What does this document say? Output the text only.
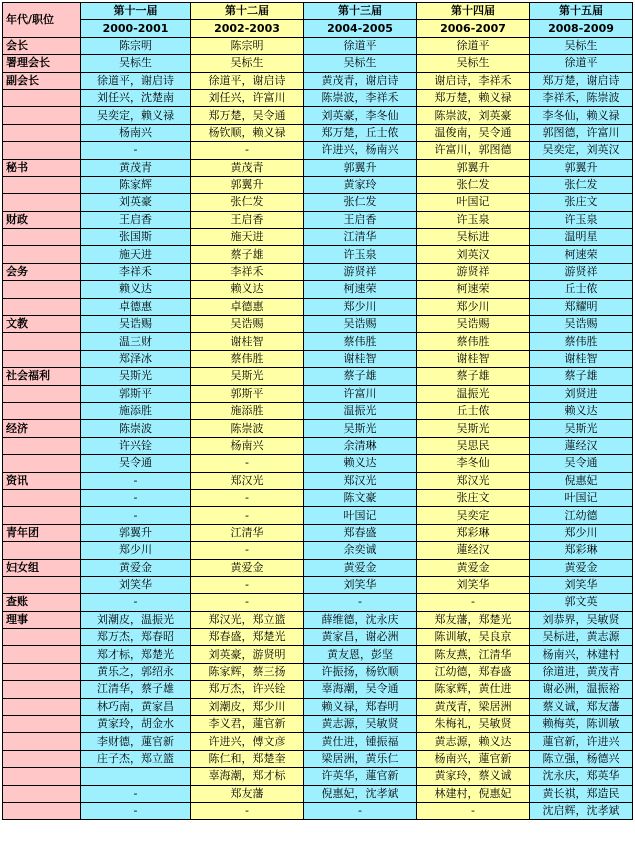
年代/职位	第十一届	第十二届	第十三届	第十四届	第十五届
	2000-2001	2002-2003	2004-2005	2006-2007	2008-2009
会长	陈宗明	陈宗明	徐道平	徐道平	吴标生
署理会长	吴标生	吴标生	吴标生	吴标生	徐道平
副会长	徐道平，谢启诗	徐道平，谢启诗	黄茂青，谢启诗	谢启诗，李祥禾	郑万楚，谢启诗
	刘任兴，沈楚南	刘任兴，许富川	陈崇波，李祥禾	郑万楚，赖义禄	李祥禾，陈崇波
	吴奕定，赖义禄	郑万楚，吴令通	刘英豪，李冬仙	陈崇波，刘英豪	李冬仙，赖义禄
	杨南兴	杨钦顺，赖义禄	郑万楚，丘士侬	温俊南，吴令通	郭图德，许富川
	-	-	许进兴，杨南兴	许富川，郭图德	吴奕定，刘英汉
秘书	黄茂青	黄茂青	郭翼升	郭翼升	郭翼升
	陈家辉	郭翼升	黄家玲	张仁发	张仁发
	刘英豪	张仁发	张仁发	叶国记	张庄文
财政	王启香	王启香	王启香	许玉泉	许玉泉
	张国斯	施天进	江清华	吴标进	温明星
	施天进	蔡子雄	许玉泉	刘英汉	柯速荣
会务	李祥禾	李祥禾	游贤祥	游贤祥	游贤祥
	赖义达	赖义达	柯速荣	柯速荣	丘士侬
	卓德惠	卓德惠	郑少川	郑少川	郑耀明
文教	吴诰赐	吴诰赐	吴诰赐	吴诰赐	吴诰赐
	温三财	谢桂智	蔡伟胜	蔡伟胜	蔡伟胜
	郑泽冰	蔡伟胜	谢桂智	谢桂智	谢桂智
社会福利	吴斯光	吴斯光	蔡子雄	蔡子雄	蔡子雄
	郭斯平	郭斯平	许富川	温振光	刘贤进
	施添胜	施添胜	温振光	丘士侬	赖义达
经济	陈崇波	陈崇波	吴斯光	吴斯光	吴斯光
	许兴铨	杨南兴	余清琳	吴思民	蓮经汉
	吴令通	-	赖义达	李冬仙	吴令通
资讯	-	郑汉光	郑汉光	郑汉光	倪惠妃
	-	-	陈文豪	张庄文	叶国记
	-	-	叶国记	吴奕定	江幼德
青年团	郭翼升	江清华	郑春盛	郑彩琳	郑少川
	郑少川	-	余奕诚	蓮经汉	郑彩琳
妇女组	黄爱金	黄爱金	黄爱金	黄爱金	黄爱金
	刘笑华	-	刘笑华	刘笑华	刘笑华
查账	-	-	-	-	郭文英
理事	刘潮皮，温振光	郑汉光，郑立篮	薛维德，沈永庆	郑友藩，郑楚光	刘恭界，吴敏贤
	郑万杰，郑春昭	郑春盛，郑楚光	黄家昌，谢必洲	陈训敏，吴良京	吴标进，黄志源
	郑才标，郑楚光	刘英豪，游贤明	黄友恩，彭坚	陈友燕，江清华	杨南兴，林建村
	黄乐之，郭绍永	陈家辉，蔡三扬	许振扬，杨钦顺	江幼德，郑春盛	徐道进，黄茂青
	江清华，蔡子雄	郑万杰，许兴铨	辜海潮，吴令通	陈家辉，黄仕进	谢必洲，温振裕
	林巧南，黄家昌	刘潮皮，郑少川	赖义禄，郑春明	黄茂青，梁居洲	蔡义诚，郑友藩
	黄家玲，胡金水	李义君，蓮官新	黄志源，吴敏贤	朱梅礼，吴敏贤	赖梅英，陈训敏
	李财德，蓮官新	许进兴，傅文彦	黄仕进，锺振福	黄志源，赖义达	蓮官新，许进兴
	庄子杰，郑立篮	陈仁和，郑楚奎	梁居洲，黄乐仁	杨南兴，蓮官新	陈立强，杨德兴
		辜海潮，郑才标	许英华，蓮官新	黄家玲，蔡义诚	沈永庆，郑英华
	-	郑友藩	倪惠妃，沈孝斌	林建村，倪惠妃	黄长祺，郑造民
	-	-	-	-	沈启辉，沈孝斌
